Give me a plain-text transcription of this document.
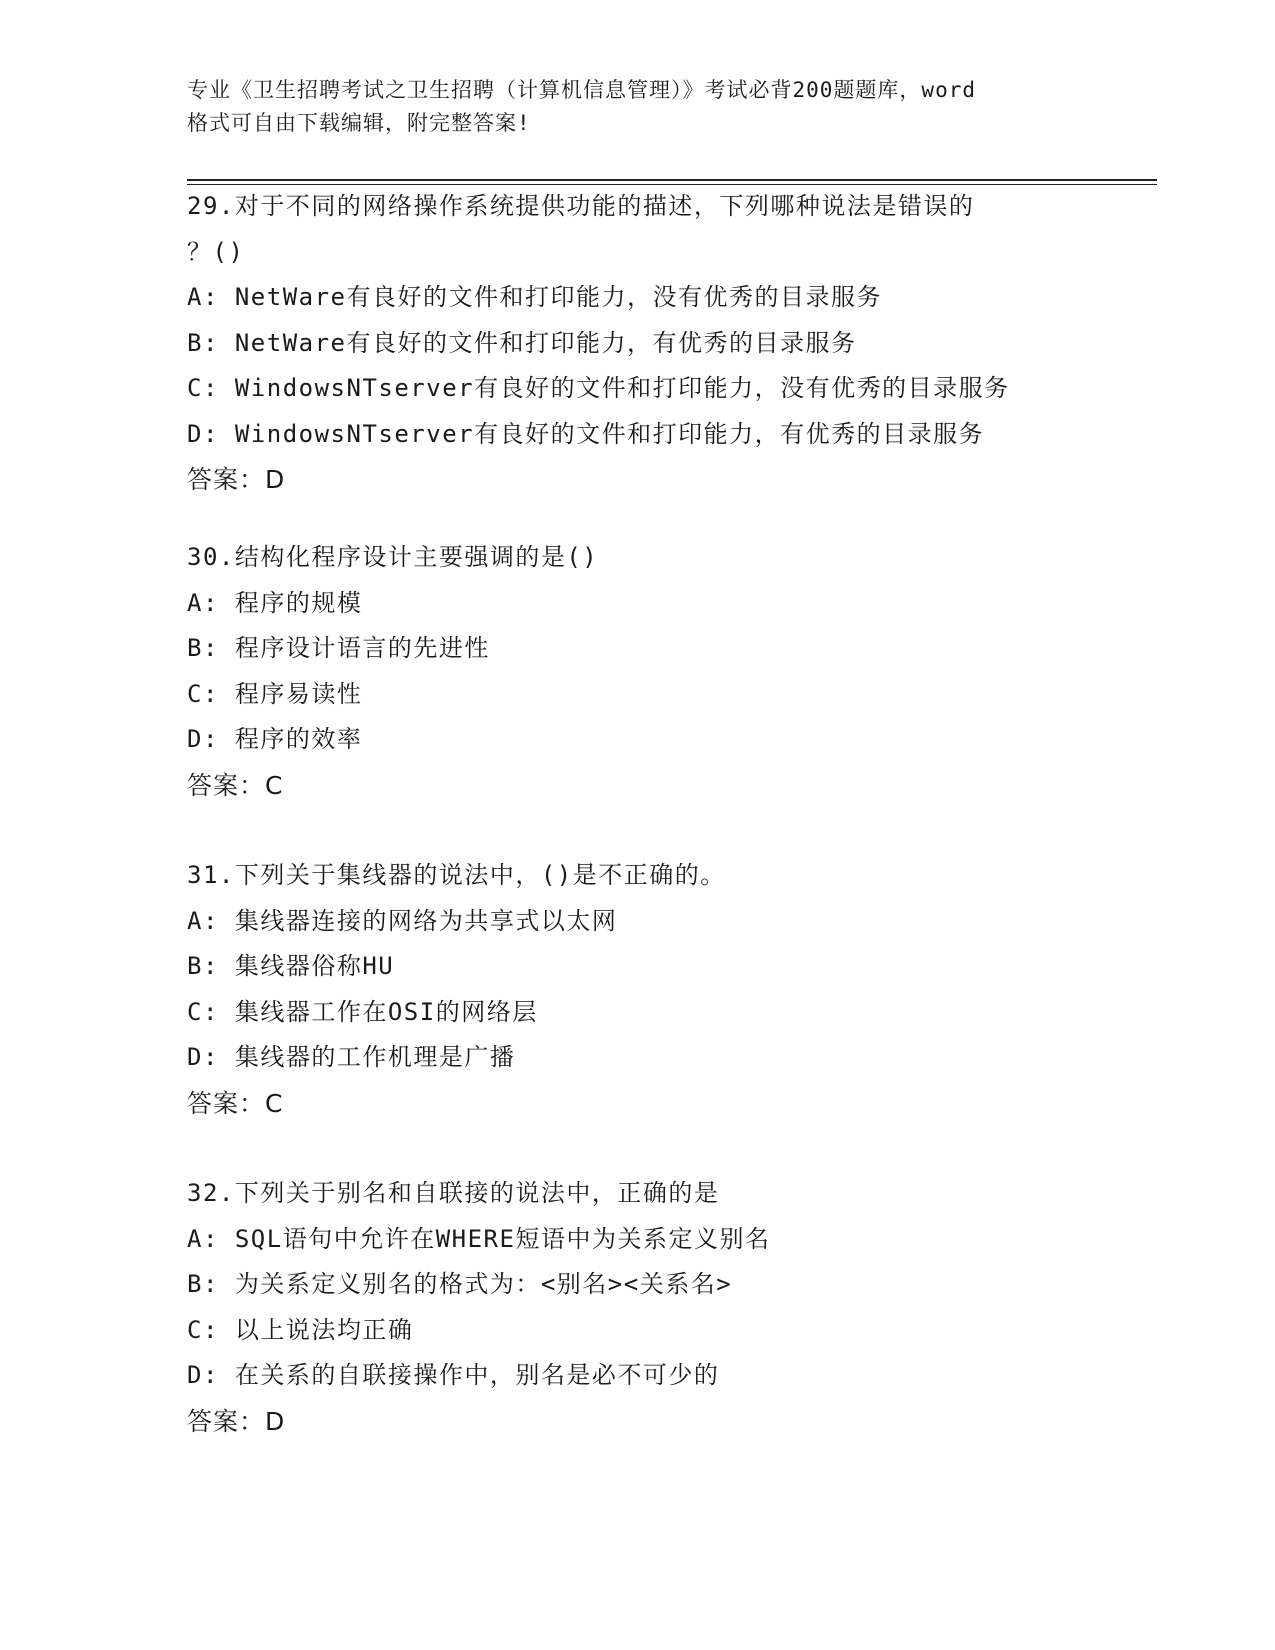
专业《卫生招聘考试之卫生招聘（计算机信息管理）》考试必背200题题库，word
格式可自由下载编辑，附完整答案!

29.对于不同的网络操作系统提供功能的描述，下列哪种说法是错误的

？()

A: NetWare有良好的文件和打印能力，没有优秀的目录服务

B: NetWare有良好的文件和打印能力，有优秀的目录服务

C: WindowsNTserver有良好的文件和打印能力，没有优秀的目录服务

D: WindowsNTserver有良好的文件和打印能力，有优秀的目录服务

答案：D

30.结构化程序设计主要强调的是()

A: 程序的规模

B: 程序设计语言的先进性

C: 程序易读性

D: 程序的效率

答案：C

31.下列关于集线器的说法中，()是不正确的。

A: 集线器连接的网络为共享式以太网

B: 集线器俗称HU

C: 集线器工作在OSI的网络层

D: 集线器的工作机理是广播

答案：C

32.下列关于别名和自联接的说法中，正确的是

A: SQL语句中允许在WHERE短语中为关系定义别名

B: 为关系定义别名的格式为：<别名><关系名>

C: 以上说法均正确

D: 在关系的自联接操作中，别名是必不可少的

答案：D
